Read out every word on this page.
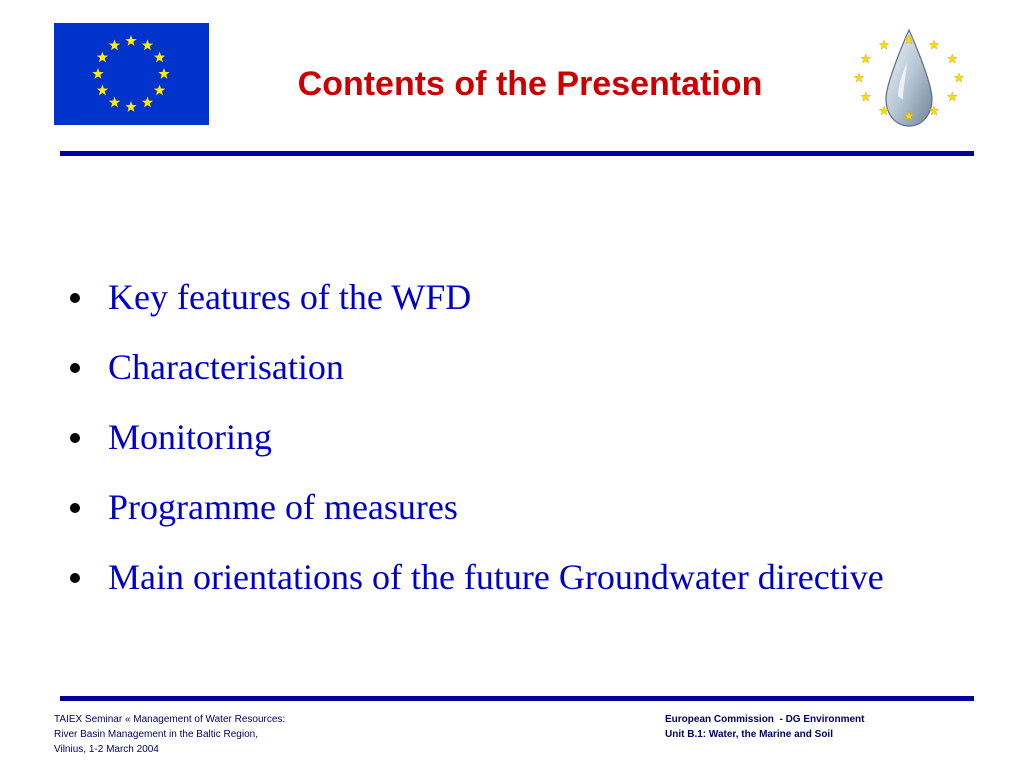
Contents of the Presentation
Key features of the WFD
Characterisation
Monitoring
Programme of measures
Main orientations of the future Groundwater directive
TAIEX Seminar « Management of Water Resources:
River Basin Management in the Baltic Region,
Vilnius, 1-2 March 2004
European Commission  - DG Environment
Unit B.1: Water, the Marine and Soil
